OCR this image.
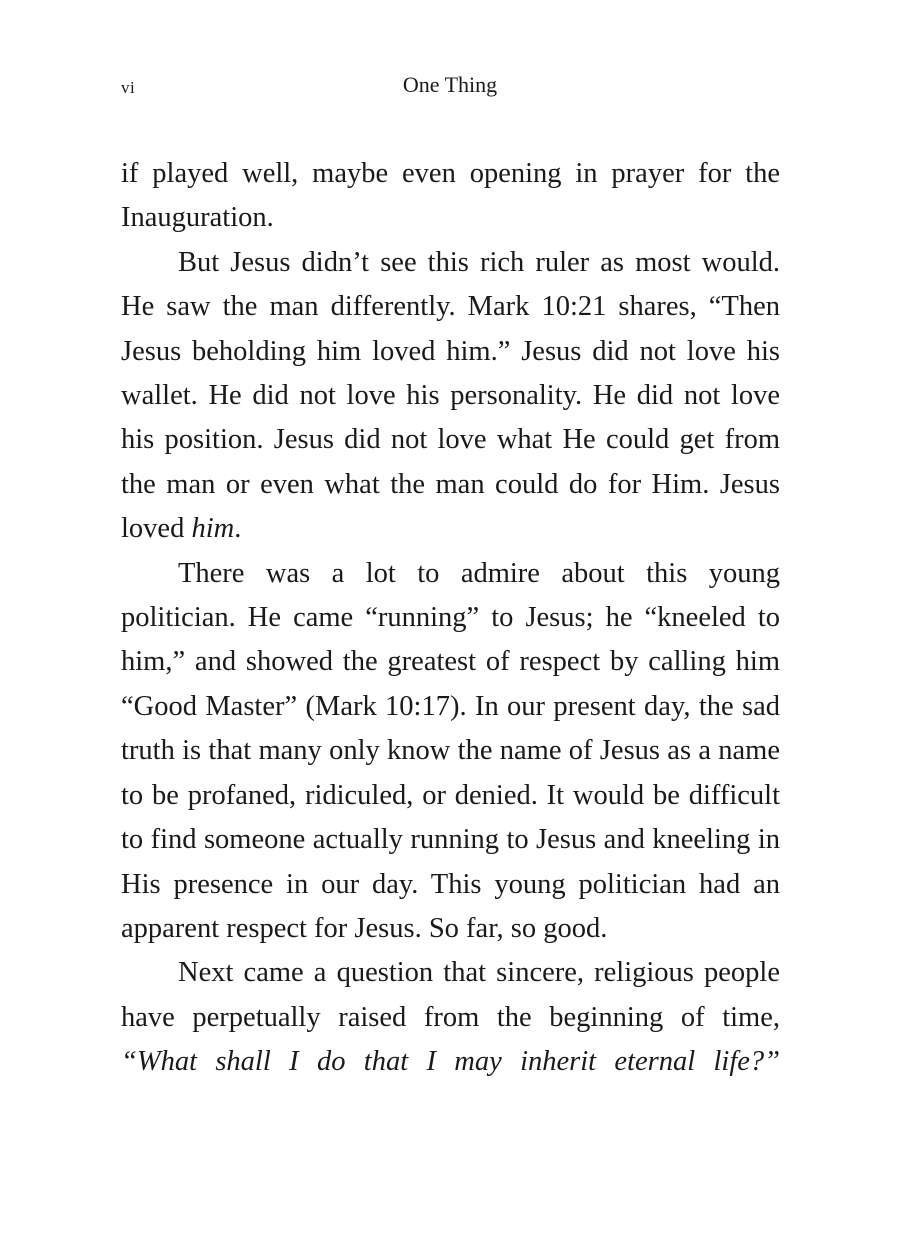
vi	One Thing

if played well, maybe even opening in prayer for the Inauguration.

But Jesus didn’t see this rich ruler as most would. He saw the man differently. Mark 10:21 shares, “Then Jesus beholding him loved him.” Jesus did not love his wallet. He did not love his personality. He did not love his position. Jesus did not love what He could get from the man or even what the man could do for Him. Jesus loved him.

There was a lot to admire about this young politician. He came “running” to Jesus; he “kneeled to him,” and showed the greatest of respect by calling him “Good Master” (Mark 10:17). In our present day, the sad truth is that many only know the name of Jesus as a name to be profaned, ridiculed, or denied. It would be difficult to find someone actually running to Jesus and kneeling in His presence in our day. This young politician had an apparent respect for Jesus. So far, so good.

Next came a question that sincere, religious people have perpetually raised from the beginning of time, “What shall I do that I may inherit eternal life?”
